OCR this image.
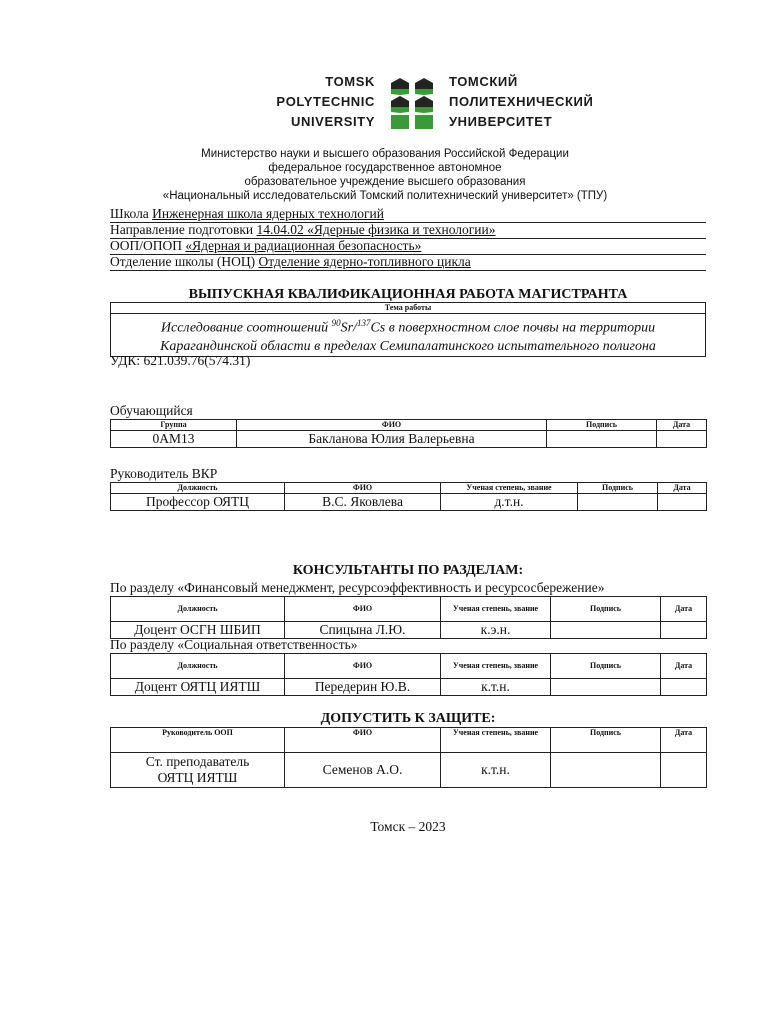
TOMSK
POLYTECHNIC
UNIVERSITY
ТОМСКИЙ
ПОЛИТЕХНИЧЕСКИЙ
УНИВЕРСИТЕТ
Министерство науки и высшего образования Российской Федерации
федеральное государственное автономное
образовательное учреждение высшего образования
«Национальный исследовательский Томский политехнический университет» (ТПУ)
Школа Инженерная школа ядерных технологий
Направление подготовки 14.04.02 «Ядерные физика и технологии»
ООП/ОПОП «Ядерная и радиационная безопасность»
Отделение школы (НОЦ) Отделение ядерно-топливного цикла
ВЫПУСКНАЯ КВАЛИФИКАЦИОННАЯ РАБОТА МАГИСТРАНТА
Тема работы
Исследование соотношений $^{90}$Sr/$^{137}$Cs в поверхностном слое почвы на территории
Карагандинской области в пределах Семипалатинского испытательного полигона
УДК: 621.039.76(574.31)
Обучающийся
Группа	ФИО	Подпись	Дата
0АМ13	Бакланова Юлия Валерьевна		
Руководитель ВКР
Должность	ФИО	Ученая степень, звание	Подпись	Дата
Профессор ОЯТЦ	В.С. Яковлева	д.т.н.		
КОНСУЛЬТАНТЫ ПО РАЗДЕЛАМ:
По разделу «Финансовый менеджмент, ресурсоэффективность и ресурсосбережение»
Должность	ФИО	Ученая степень, звание	Подпись	Дата
Доцент ОСГН ШБИП	Спицына Л.Ю.	к.э.н.		
По разделу «Социальная ответственность»
Должность	ФИО	Ученая степень, звание	Подпись	Дата
Доцент ОЯТЦ ИЯТШ	Передерин Ю.В.	к.т.н.		
ДОПУСТИТЬ К ЗАЩИТЕ:
Руководитель ООП	ФИО	Ученая степень, звание	Подпись	Дата

Ст. преподаватель
ОЯТЦ ИЯТШ	Семенов А.О.	к.т.н.		
Томск – 2023
